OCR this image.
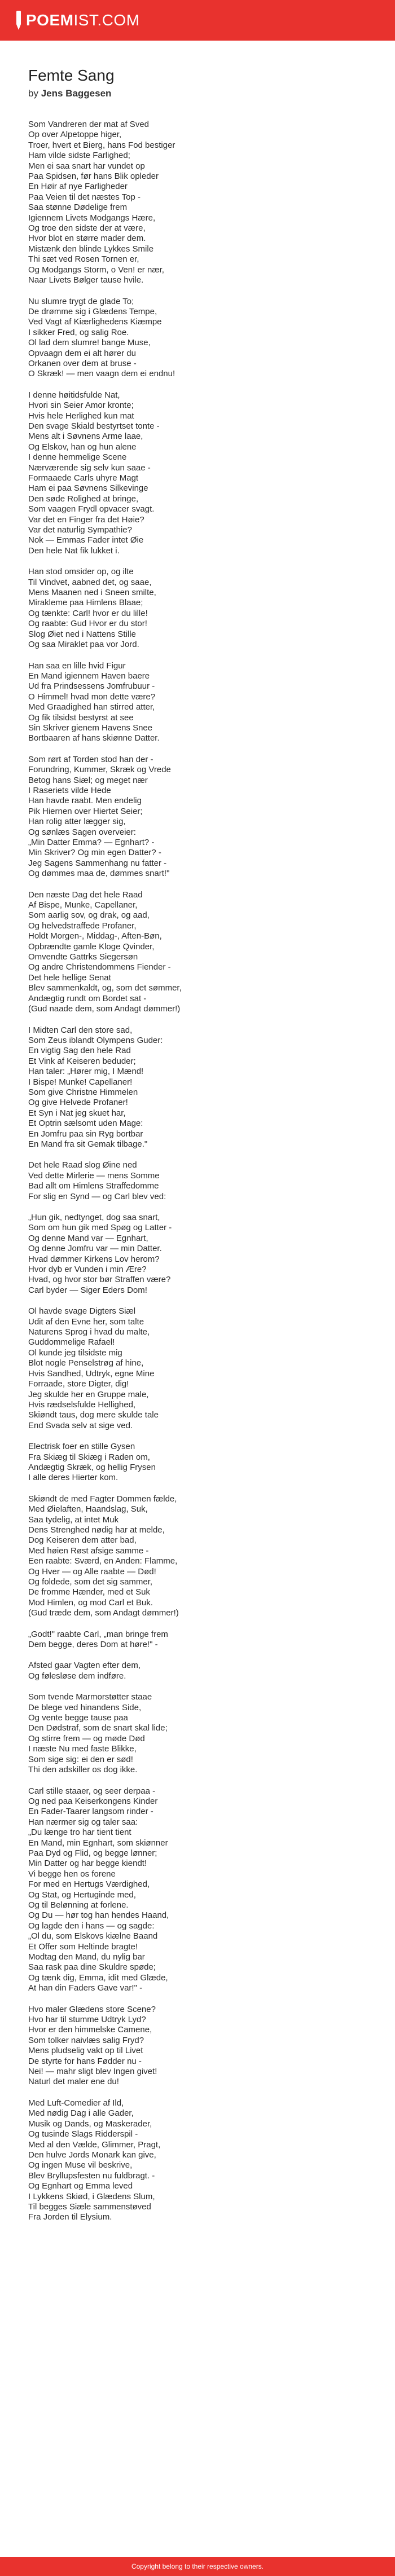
POEM IST.COM
Femte Sang
by Jens Baggesen
Som Vandreren der mat af Sved
Op over Alpetoppe higer,
Troer, hvert et Bierg, hans Fod bestiger
Ham vilde sidste Farlighed;
Men ei saa snart har vundet op
Paa Spidsen, før hans Blik opleder
En Høir af nye Farligheder
Paa Veien til det næstes Top -
Saa stønne Dødelige frem
Igiennem Livets Modgangs Hære,
Og troe den sidste der at være,
Hvor blot en større mader dem.
Mistænk den blinde Lykkes Smile
Thi sæt ved Rosen Tornen er,
Og Modgangs Storm, o Ven! er nær,
Naar Livets Bølger tause hvile.
Nu slumre trygt de glade To;
De drømme sig i Glædens Tempe,
Ved Vagt af Kiærlighedens Kiæmpe
I sikker Fred, og salig Roe.
Ol lad dem slumre! bange Muse,
Opvaagn dem ei alt hører du
Orkanen over dem at bruse -
O Skræk! — men vaagn dem ei endnu!
I denne høitidsfulde Nat,
Hvori sin Seier Amor kronte;
Hvis hele Herlighed kun mat
Den svage Skiald bestyrtset tonte -
Mens alt i Søvnens Arme laae,
Og Elskov, han og hun alene
I denne hemmelige Scene
Nærværende sig selv kun saae -
Formaaede Carls uhyre Magt
Ham ei paa Søvnens Silkevinge
Den søde Rolighed at bringe,
Som vaagen Frydl opvacer svagt.
Var det en Finger fra det Høie?
Var det naturlig Sympathie?
Nok — Emmas Fader intet Øie
Den hele Nat fik lukket i.
Han stod omsider op, og ilte
Til Vindvet, aabned det, og saae,
Mens Maanen ned i Sneen smilte,
Mirakleme paa Himlens Blaae;
Og tænkte: Carl! hvor er du lille!
Og raabte: Gud Hvor er du stor!
Slog Øiet ned i Nattens Stille
Og saa Miraklet paa vor Jord.
Han saa en lille hvid Figur
En Mand igiennem Haven baere
Ud fra Prindsessens Jomfrubuur -
O Himmel! hvad mon dette være?
Med Graadighed han stirred atter,
Og fik tilsidst bestyrst at see
Sin Skriver gienem Havens Snee
Bortbaaren af hans skiønne Datter.
Som rørt af Torden stod han der -
Forundring, Kummer, Skræk og Vrede
Betog hans Siæl; og meget nær
I Raseriets vilde Hede
Han havde raabt. Men endelig
Pik Hiernen over Hiertet Seier;
Han rolig atter lægger sig,
Og sønlæs Sagen overveier:
„Min Datter Emma? — Egnhart? -
Min Skriver? Og min egen Datter? -
Jeg Sagens Sammenhang nu fatter -
Og dømmes maa de, dømmes snart!"
Den næste Dag det hele Raad
Af Bispe, Munke, Capellaner,
Som aarlig sov, og drak, og aad,
Og helvedstraffede Profaner,
Holdt Morgen-, Middag-, Aften-Bøn,
Opbrændte gamle Kloge Qvinder,
Omvendte Gattrks Siegersøn
Og andre Christendommens Fiender -
Det hele hellige Senat
Blev sammenkaldt, og, som det sømmer,
Andægtig rundt om Bordet sat -
(Gud naade dem, som Andagt dømmer!)
I Midten Carl den store sad,
Som Zeus iblandt Olympens Guder:
En vigtig Sag den hele Rad
Et Vink af Keiseren beduder;
Han taler: „Hører mig, I Mænd!
I Bispe! Munke! Capellaner!
Som give Christne Himmelen
Og give Helvede Profaner!
Et Syn i Nat jeg skuet har,
Et Optrin sælsomt uden Mage:
En Jomfru paa sin Ryg bortbar
En Mand fra sit Gemak tilbage."
Det hele Raad slog Øine ned
Ved dette Mirlerie — mens Somme
Bad allt om Himlens Straffedomme
For slig en Synd — og Carl blev ved:
„Hun gik, nedtynget, dog saa snart,
Som om hun gik med Spøg og Latter -
Og denne Mand var — Egnhart,
Og denne Jomfru var — min Datter.
Hvad dømmer Kirkens Lov herom?
Hvor dyb er Vunden i min Ære?
Hvad, og hvor stor bør Straffen være?
Carl byder — Siger Eders Dom!
Ol havde svage Digters Siæl
Udit af den Evne her, som talte
Naturens Sprog i hvad du malte,
Guddommelige Rafael!
Ol kunde jeg tilsidste mig
Blot nogle Penselstrøg af hine,
Hvis Sandhed, Udtryk, egne Mine
Forraade, store Digter, dig!
Jeg skulde her en Gruppe male,
Hvis rædselsfulde Hellighed,
Skiøndt taus, dog mere skulde tale
End Svada selv at sige ved.
Electrisk foer en stille Gysen
Fra Skiæg til Skiæg i Raden om,
Andægtig Skræk, og hellig Frysen
I alle deres Hierter kom.
Skiøndt de med Fagter Dommen fælde,
Med Øielaften, Haandslag, Suk,
Saa tydelig, at intet Muk
Dens Strenghed nødig har at melde,
Dog Keiseren dem atter bad,
Med høien Røst afsige samme -
Een raabte: Sværd, en Anden: Flamme,
Og Hver — og Alle raabte — Død!
Og foldede, som det sig sammer,
De fromme Hænder, med et Suk
Mod Himlen, og mod Carl et Buk.
(Gud træde dem, som Andagt dømmer!)
„Godt!" raabte Carl, „man bringe frem
Dem begge, deres Dom at høre!" -
Afsted gaar Vagten efter dem,
Og følesløse dem indføre.
Som tvende Marmorstøtter staae
De blege ved hinandens Side,
Og vente begge tause paa
Den Dødstraf, som de snart skal lide;
Og stirre frem — og møde Død
I næste Nu med faste Blikke,
Som sige sig: ei den er sød!
Thi den adskiller os dog ikke.
Carl stille staaer, og seer derpaa -
Og ned paa Keiserkongens Kinder
En Fader-Taarer langsom rinder -
Han nærmer sig og taler saa:
„Du længe tro har tient tient
En Mand, min Egnhart, som skiønner
Paa Dyd og Flid, og begge lønner;
Min Datter og har begge kiendt!
Vi begge hen os forene
For med en Hertugs Værdighed,
Og Stat, og Hertuginde med,
Og til Belønning at forlene.
Og Du — hør tog han hendes Haand,
Og lagde den i hans — og sagde:
„Ol du, som Elskovs kiælne Baand
Et Offer som Heltinde bragte!
Modtag den Mand, du nylig bar
Saa rask paa dine Skuldre spøde;
Og tænk dig, Emma, idit med Glæde,
At han din Faders Gave var!" -
Hvo maler Glædens store Scene?
Hvo har til stumme Udtryk Lyd?
Hvor er den himmelske Camene,
Som tolker naivlæs salig Fryd?
Mens pludselig vakt op til Livet
De styrte for hans Fødder nu -
Nei! — mahr sligt blev Ingen givet!
Naturl det maler ene du!
Med Luft-Comedier af Ild,
Med nødig Dag i alle Gader,
Musik og Dands, og Maskerader,
Og tusinde Slags Ridderspil -
Med al den Vælde, Glimmer, Pragt,
Den hulve Jords Monark kan give,
Og ingen Muse vil beskrive,
Blev Bryllupsfesten nu fuldbragt. -
Og Egnhart og Emma leved
I Lykkens Skiød, i Glædens Slum,
Til begges Siæle sammenstøved
Fra Jorden til Elysium.
Copyright belong to their respective owners.
